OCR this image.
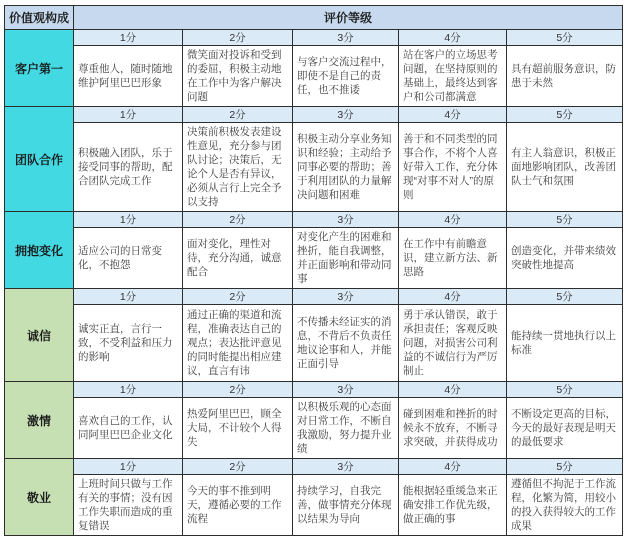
价值观构成	评价等级				
客户第一	1分	2分	3分	4分	5分
	尊重他人，随时随地维护阿里巴巴形象	微笑面对投诉和受到的委屈，积极主动地在工作中为客户解决问题	与客户交流过程中，即使不是自己的责任，也不推诿	站在客户的立场思考问题，在坚持原则的基础上，最终达到客户和公司都满意	具有超前服务意识，防患于未然
团队合作	1分	2分	3分	4分	5分
	积极融入团队，乐于接受同事的帮助，配合团队完成工作	决策前积极发表建设性意见，充分参与团队讨论；决策后，无论个人是否有异议，必须从言行上完全予以支持	积极主动分享业务知识和经验；主动给予同事必要的帮助；善于利用团队的力量解决问题和困难	善于和不同类型的同事合作，不将个人喜好带入工作，充分体现“对事不对人”的原则	有主人翁意识，积极正面地影响团队，改善团队士气和氛围
拥抱变化	1分	2分	3分	4分	5分
	适应公司的日常变化，不抱怨	面对变化，理性对待，充分沟通，诚意配合	对变化产生的困难和挫折，能自我调整，并正面影响和带动同事	在工作中有前瞻意识，建立新方法、新思路	创造变化，并带来绩效突破性地提高
诚信	1分	2分	3分	4分	5分
	诚实正直，言行一致，不受利益和压力的影响	通过正确的渠道和流程，准确表达自己的观点；表达批评意见的同时能提出相应建议，直言有讳	不传播未经证实的消息，不背后不负责任地议论事和人，并能正面引导	勇于承认错误，敢于承担责任；客观反映问题，对损害公司利益的不诚信行为严厉制止	能持续一贯地执行以上标准
激情	1分	2分	3分	4分	5分
	喜欢自己的工作，认同阿里巴巴企业文化	热爱阿里巴巴，顾全大局，不计较个人得失	以积极乐观的心态面对日常工作，不断自我激励，努力提升业绩	碰到困难和挫折的时候永不放弃，不断寻求突破，并获得成功	不断设定更高的目标，今天的最好表现是明天的最低要求
敬业	1分	2分	3分	4分	5分
	上班时间只做与工作有关的事情；没有因工作失职而造成的重复错误	今天的事不推到明天，遵循必要的工作流程	持续学习，自我完善，做事情充分体现以结果为导向	能根据轻重缓急来正确安排工作优先级，做正确的事	遵循但不拘泥于工作流程，化繁为简，用较小的投入获得较大的工作成果
